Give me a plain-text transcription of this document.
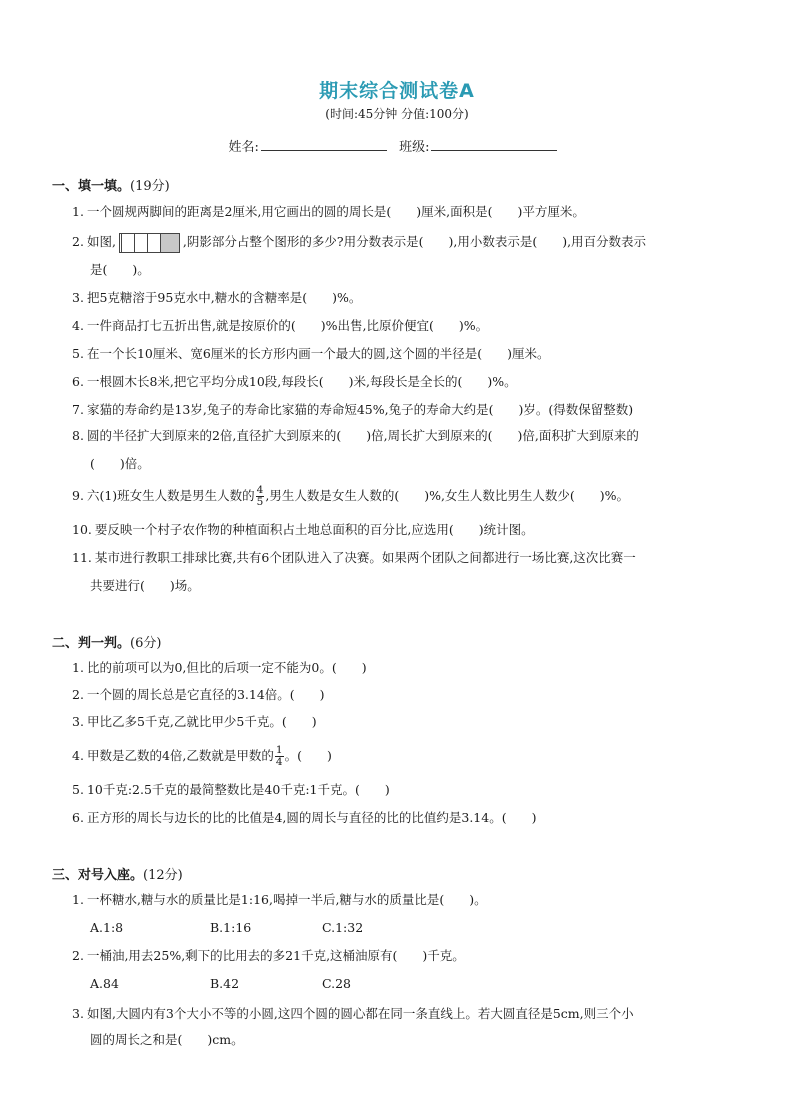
期末综合测试卷A
(时间:45分钟 分值:100分)
姓名:	班级:
一、填一填。(19分)
1. 一个圆规两脚间的距离是2厘米,用它画出的圆的周长是(　　)厘米,面积是(　　)平方厘米。
2. 如图,	,阴影部分占整个图形的多少?用分数表示是(　　),用小数表示是(　　),用百分数表示
是(　　)。
3. 把5克糖溶于95克水中,糖水的含糖率是(　　)%。
4. 一件商品打七五折出售,就是按原价的(　　)%出售,比原价便宜(　　)%。
5. 在一个长10厘米、宽6厘米的长方形内画一个最大的圆,这个圆的半径是(　　)厘米。
6. 一根圆木长8米,把它平均分成10段,每段长(　　)米,每段长是全长的(　　)%。
7. 家猫的寿命约是13岁,兔子的寿命比家猫的寿命短45%,兔子的寿命大约是(　　)岁。(得数保留整数)
8. 圆的半径扩大到原来的2倍,直径扩大到原来的(　　)倍,周长扩大到原来的(　　)倍,面积扩大到原来的
(　　)倍。
9. 六(1)班女生人数是男生人数的 $\frac{4}{5}$ ,男生人数是女生人数的(　　)%,女生人数比男生人数少(　　)%。
10. 要反映一个村子农作物的种植面积占土地总面积的百分比,应选用(　　)统计图。
11. 某市进行教职工排球比赛,共有6个团队进入了决赛。如果两个团队之间都进行一场比赛,这次比赛一
共要进行(　　)场。
二、判一判。(6分)
1. 比的前项可以为0,但比的后项一定不能为0。(　　)
2. 一个圆的周长总是它直径的3.14倍。(　　)
3. 甲比乙多5千克,乙就比甲少5千克。(　　)
4. 甲数是乙数的4倍,乙数就是甲数的 $\frac{1}{4}$ 。(　　)
5. 10千克:2.5千克的最简整数比是40千克:1千克。(　　)
6. 正方形的周长与边长的比的比值是4,圆的周长与直径的比的比值约是3.14。(　　)
三、对号入座。(12分)
1. 一杯糖水,糖与水的质量比是1:16,喝掉一半后,糖与水的质量比是(　　)。
A.1:8	B.1:16	C.1:32
2. 一桶油,用去25%,剩下的比用去的多21千克,这桶油原有(　　)千克。
A.84	B.42	C.28
3. 如图,大圆内有3个大小不等的小圆,这四个圆的圆心都在同一条直线上。若大圆直径是5cm,则三个小
圆的周长之和是(　　)cm。
